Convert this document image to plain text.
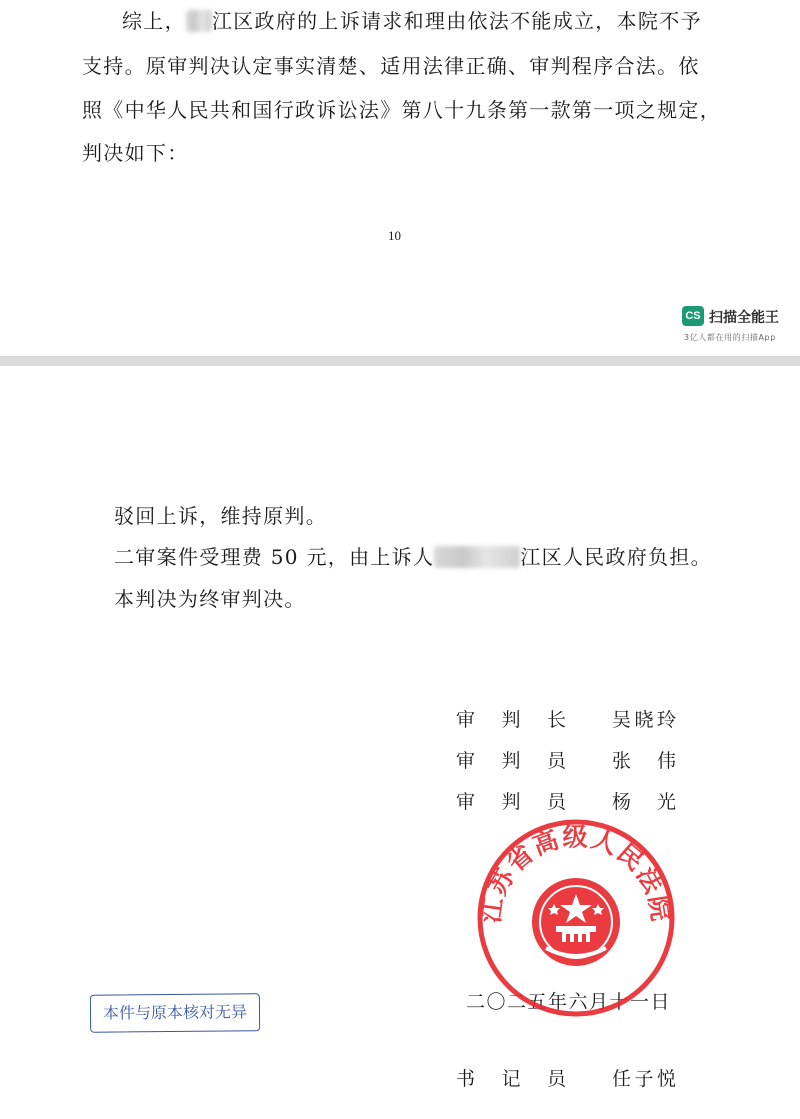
综上， 江区政府的上诉请求和理由依法不能成立，本院不予
支持。原审判决认定事实清楚、适用法律正确、审判程序合法。依
照《中华人民共和国行政诉讼法》第八十九条第一款第一项之规定，
判决如下：
10
CS 扫描全能王
3亿人都在用的扫描App
驳回上诉，维持原判。
二审案件受理费 50 元，由上诉人	江区人民政府负担。
本判决为终审判决。
审 判 长 吴 晓 玲
审 判 员 张 伟
审 判 员 杨 光
江苏省高级人民法院
二〇二五年六月十一日
书 记 员 任 子 悦
本件与原本核对无异
